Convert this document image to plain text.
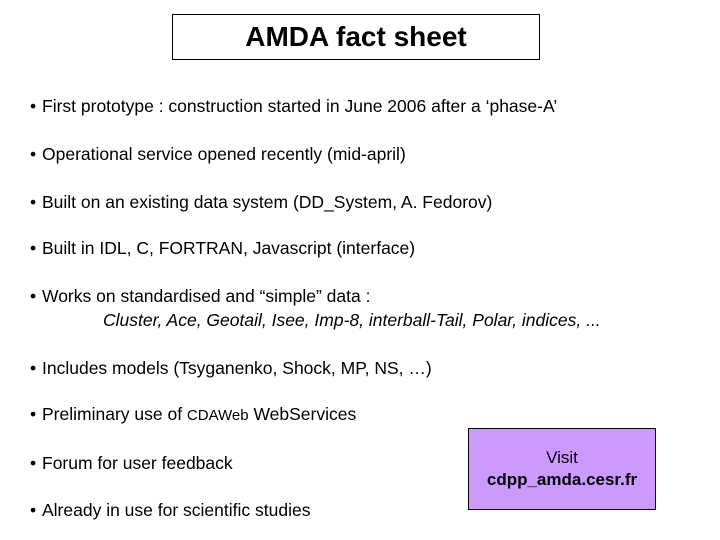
AMDA fact sheet
• First prototype : construction started in June 2006 after a ‘phase-A’
• Operational service opened recently (mid-april)
• Built on an existing data system (DD_System, A. Fedorov)
• Built in IDL, C, FORTRAN, Javascript (interface)
• Works on standardised and “simple” data :
Cluster, Ace, Geotail, Isee, Imp-8, interball-Tail, Polar, indices, ...
• Includes models (Tsyganenko, Shock, MP, NS, …)
• Preliminary use of CDAWeb WebServices
• Forum for user feedback
• Already in use for scientific studies
Visit
cdpp_amda.cesr.fr
